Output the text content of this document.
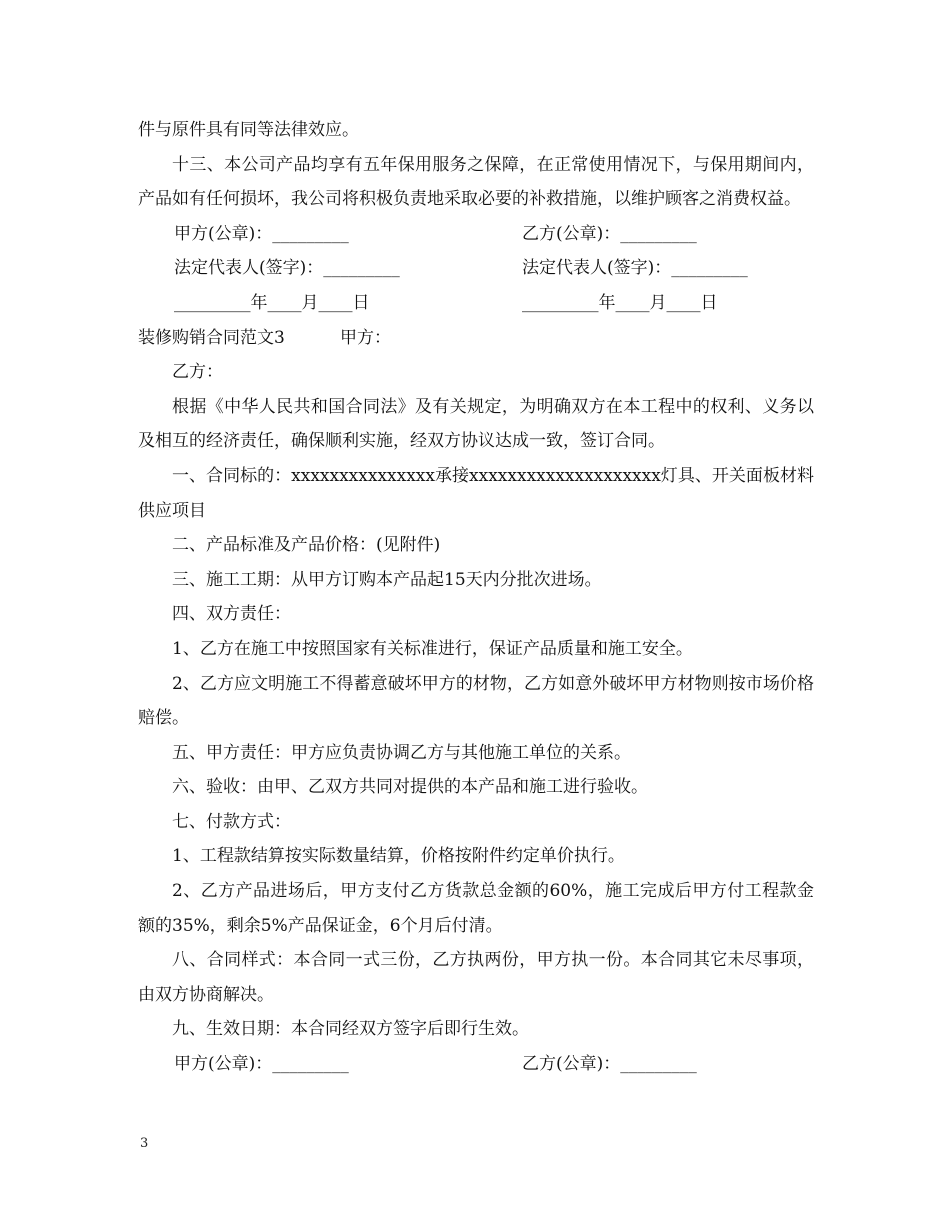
件与原件具有同等法律效应。

十三、本公司产品均享有五年保用服务之保障，在正常使用情况下，与保用期间内，产品如有任何损坏，我公司将积极负责地采取必要的补救措施，以维护顾客之消费权益。

甲方(公章)：_________	乙方(公章)：_________
法定代表人(签字)：_________	法定代表人(签字)：_________
_________年____月____日	_________年____月____日
装修购销合同范文3	甲方：

乙方：

根据《中华人民共和国合同法》及有关规定，为明确双方在本工程中的权利、义务以及相互的经济责任，确保顺利实施，经双方协议达成一致，签订合同。

一、合同标的：xxxxxxxxxxxxxxx承接xxxxxxxxxxxxxxxxxxxx灯具、开关面板材料供应项目

二、产品标准及产品价格：(见附件)

三、施工工期：从甲方订购本产品起15天内分批次进场。

四、双方责任：

1、乙方在施工中按照国家有关标准进行，保证产品质量和施工安全。

2、乙方应文明施工不得蓄意破坏甲方的材物，乙方如意外破坏甲方材物则按市场价格赔偿。

五、甲方责任：甲方应负责协调乙方与其他施工单位的关系。

六、验收：由甲、乙双方共同对提供的本产品和施工进行验收。

七、付款方式：

1、工程款结算按实际数量结算，价格按附件约定单价执行。

2、乙方产品进场后，甲方支付乙方货款总金额的60%，施工完成后甲方付工程款金额的35%，剩余5%产品保证金，6个月后付清。

八、合同样式：本合同一式三份，乙方执两份，甲方执一份。本合同其它未尽事项，由双方协商解决。

九、生效日期：本合同经双方签字后即行生效。

甲方(公章)：_________	乙方(公章)：_________
3
